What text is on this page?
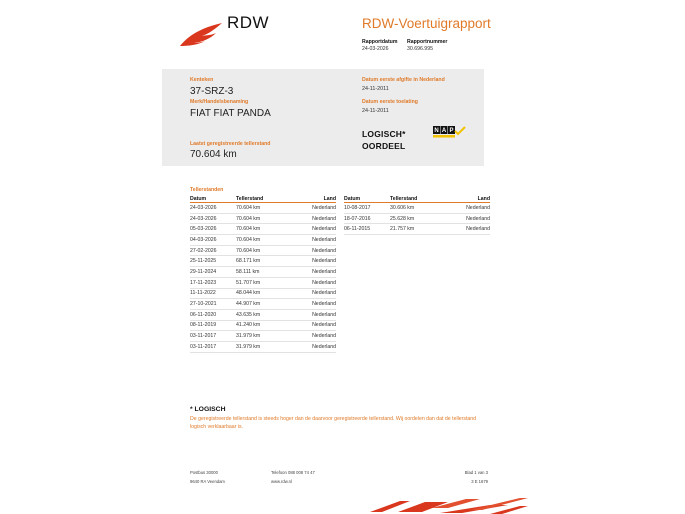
RDW	RDW-Voertuigrapport
Rapportdatum
24-03-2026
Rapportnummer
30.696.995
Kenteken
37-SRZ-3
Merk/Handelsbenaming
FIAT FIAT PANDA
Laatst geregistreerde tellerstand
70.604 km
Datum eerste afgifte in Nederland
24-11-2011
Datum eerste toelating
24-11-2011
LOGISCH*
OORDEEL
N A P
Tellerstanden
Datum	Tellerstand	Land
24-03-2026	70.604 km	Nederland
24-03-2026	70.604 km	Nederland
05-03-2026	70.604 km	Nederland
04-03-2026	70.604 km	Nederland
27-02-2026	70.604 km	Nederland
25-11-2025	68.171 km	Nederland
29-11-2024	58.111 km	Nederland
17-11-2023	51.707 km	Nederland
11-11-2022	48.044 km	Nederland
27-10-2021	44.907 km	Nederland
06-11-2020	43.635 km	Nederland
08-11-2019	41.240 km	Nederland
03-11-2017	31.979 km	Nederland
03-11-2017	31.979 km	Nederland
Datum	Tellerstand	Land
10-08-2017	30.606 km	Nederland
18-07-2016	25.628 km	Nederland
06-11-2015	21.757 km	Nederland
* LOGISCH
De geregistreerde tellerstand is steeds hoger dan de daarvoor geregistreerde tellerstand. Wij oordelen dan dat de tellerstand logisch verklaarbaar is.
Postbus 30000
9640 RA Veendam
Telefoon 088 008 74 47
www.rdw.nl
Blad 1 van 3
3 E 1679
